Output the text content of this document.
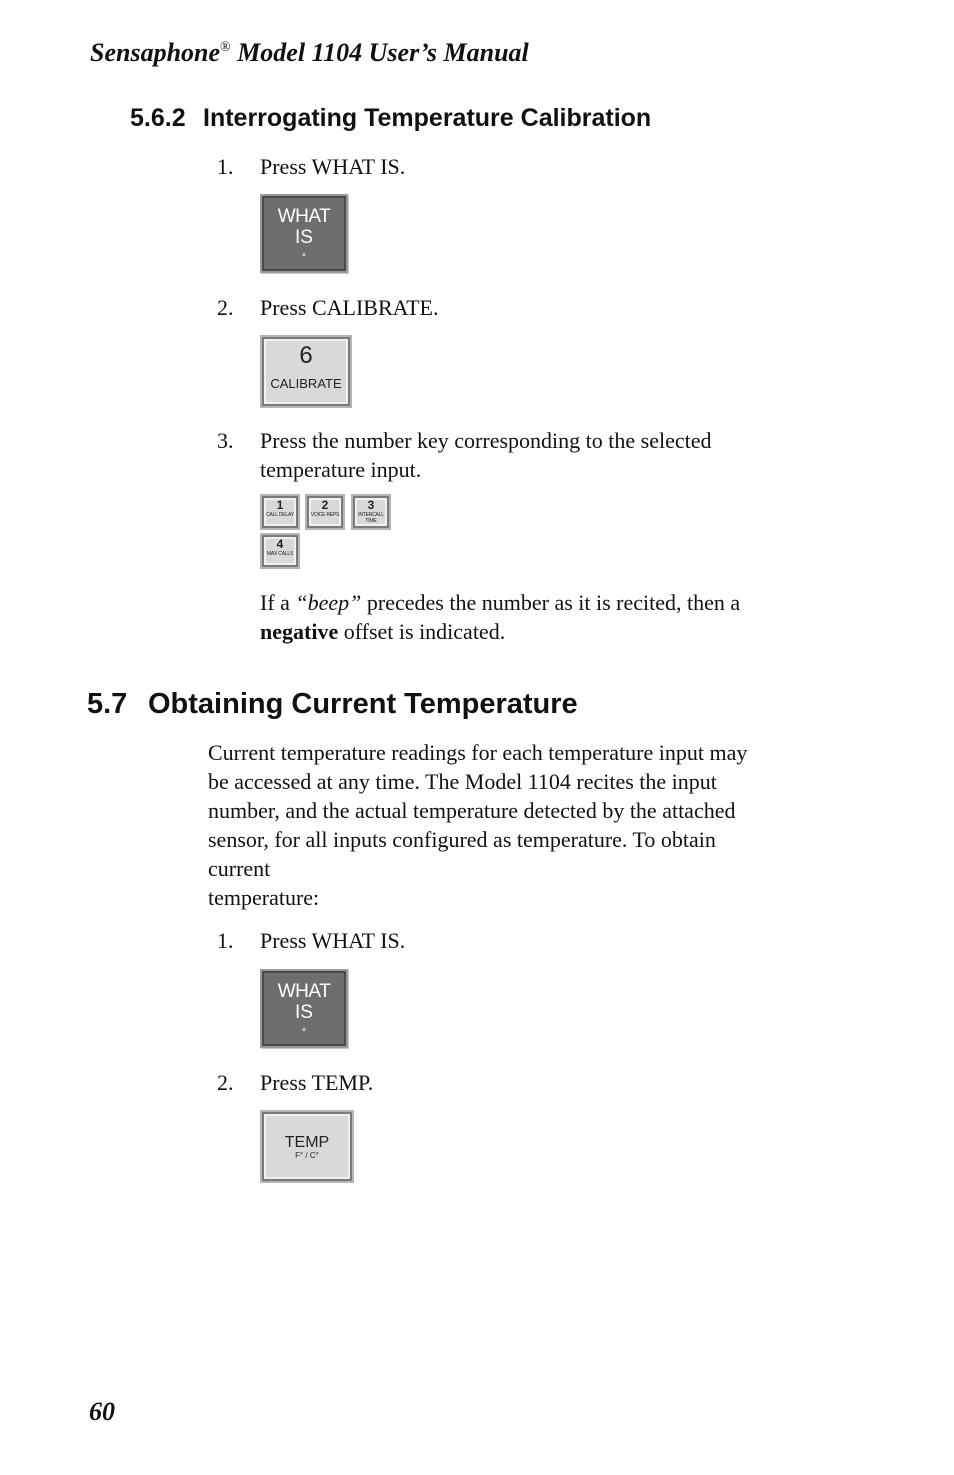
Sensaphone® Model 1104 User’s Manual
5.6.2 Interrogating Temperature Calibration
1. Press WHAT IS.
WHAT
IS
*
2. Press CALIBRATE.
6
CALIBRATE
3. Press the number key corresponding to the selected temperature input.
1
CALL DELAY
2
VOICE REPS
3
INTERCALL TIME
4
MAX CALLS
If a “beep” precedes the number as it is recited, then a
negative offset is indicated.
5.7 Obtaining Current Temperature
Current temperature readings for each temperature input may
be accessed at any time. The Model 1104 recites the input
number, and the actual temperature detected by the attached
sensor, for all inputs configured as temperature. To obtain
current
temperature:
1. Press WHAT IS.
WHAT
IS
*
2. Press TEMP.
TEMP
F° / C°
60
